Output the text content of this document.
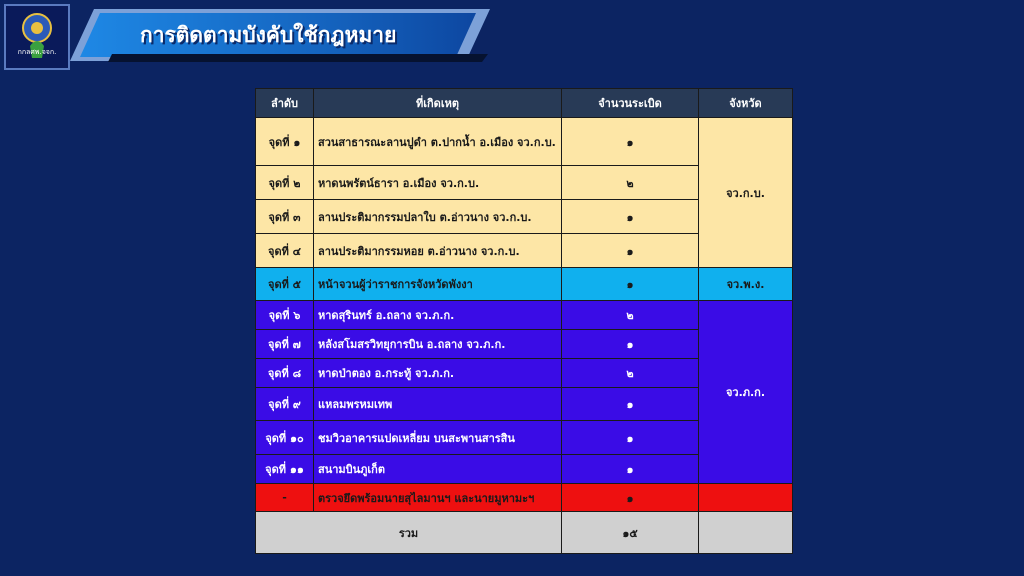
กกลศพ.จจก.
การติดตามบังคับใช้กฎหมาย
ลำดับ	ที่เกิดเหตุ	จำนวนระเบิด	จังหวัด
จุดที่ ๑	สวนสาธารณะลานปูดำ ต.ปากน้ำ อ.เมือง จว.ก.บ.	๑	จว.ก.บ.
จุดที่ ๒	หาดนพรัตน์ธารา อ.เมือง จว.ก.บ.	๒	
จุดที่ ๓	ลานประติมากรรมปลาใบ ต.อ่าวนาง จว.ก.บ.	๑	
จุดที่ ๔	ลานประติมากรรมหอย ต.อ่าวนาง จว.ก.บ.	๑	
จุดที่ ๕	หน้าจวนผู้ว่าราชการจังหวัดพังงา	๑	จว.พ.ง.
จุดที่ ๖	หาดสุรินทร์ อ.ถลาง จว.ภ.ก.	๒	จว.ภ.ก.
จุดที่ ๗	หลังสโมสรวิทยุการบิน อ.ถลาง จว.ภ.ก.	๑	
จุดที่ ๘	หาดป่าตอง อ.กระทู้ จว.ภ.ก.	๒	
จุดที่ ๙	แหลมพรหมเทพ	๑	
จุดที่ ๑๐	ชมวิวอาคารแปดเหลี่ยม บนสะพานสารสิน	๑	
จุดที่ ๑๑	สนามบินภูเก็ต	๑	
-	ตรวจยึดพร้อมนายสุไลมานฯ และนายมูหามะฯ	๑	
รวม		๑๕	
